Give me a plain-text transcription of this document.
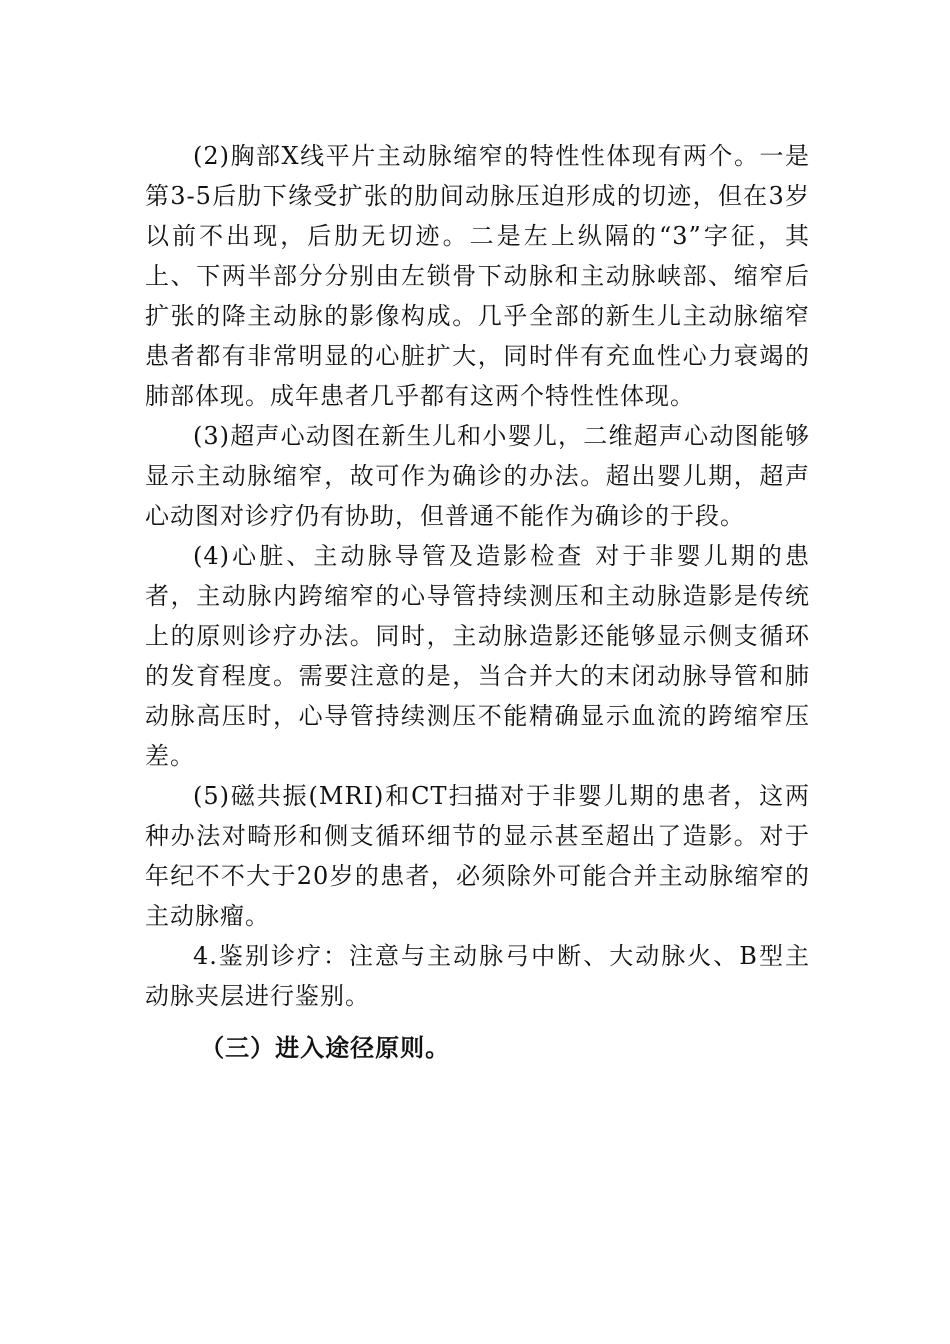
(2)胸部X线平片主动脉缩窄的特性性体现有两个。一是第3-5后肋下缘受扩张的肋间动脉压迫形成的切迹，但在3岁以前不出现，后肋无切迹。二是左上纵隔的“3”字征，其上、下两半部分分别由左锁骨下动脉和主动脉峡部、缩窄后扩张的降主动脉的影像构成。几乎全部的新生儿主动脉缩窄患者都有非常明显的心脏扩大，同时伴有充血性心力衰竭的肺部体现。成年患者几乎都有这两个特性性体现。

(3)超声心动图在新生儿和小婴儿，二维超声心动图能够显示主动脉缩窄，故可作为确诊的办法。超出婴儿期，超声心动图对诊疗仍有协助，但普通不能作为确诊的于段。

(4)心脏、主动脉导管及造影检查 对于非婴儿期的患者，主动脉内跨缩窄的心导管持续测压和主动脉造影是传统上的原则诊疗办法。同时，主动脉造影还能够显示侧支循环的发育程度。需要注意的是，当合并大的末闭动脉导管和肺动脉高压时，心导管持续测压不能精确显示血流的跨缩窄压差。

(5)磁共振(MRI)和CT扫描对于非婴儿期的患者，这两种办法对畸形和侧支循环细节的显示甚至超出了造影。对于年纪不不大于20岁的患者，必须除外可能合并主动脉缩窄的主动脉瘤。

4.鉴别诊疗：注意与主动脉弓中断、大动脉火、B型主动脉夹层进行鉴别。

（三）进入途径原则。
